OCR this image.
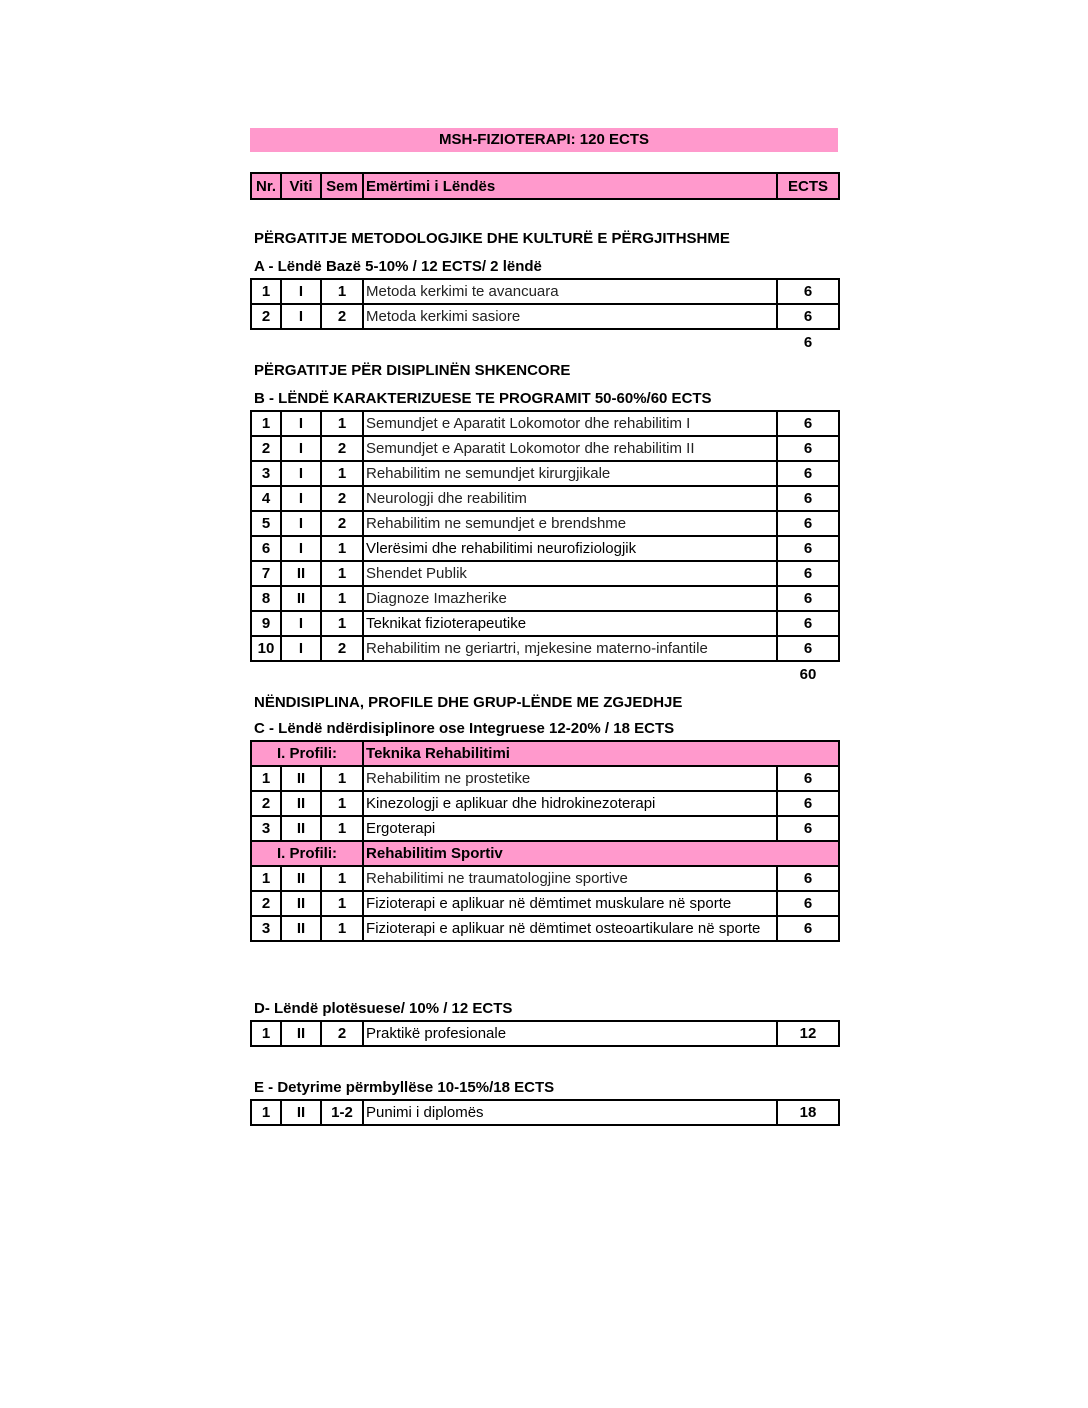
MSH-FIZIOTERAPI: 120 ECTS
Nr.	Viti	Sem	Emërtimi i Lëndës	ECTS
PËRGATITJE METODOLOGJIKE DHE KULTURË E PËRGJITHSHME
A - Lëndë Bazë 5-10% / 12 ECTS/ 2 lëndë
1	I	1	Metoda kerkimi te avancuara	6
2	I	2	Metoda kerkimi sasiore	6
6
PËRGATITJE PËR DISIPLINËN SHKENCORE
B - LËNDË KARAKTERIZUESE TE PROGRAMIT 50-60%/60 ECTS
1	I	1	Semundjet e Aparatit Lokomotor dhe rehabilitim I	6
2	I	2	Semundjet e Aparatit Lokomotor dhe rehabilitim II	6
3	I	1	Rehabilitim ne semundjet kirurgjikale	6
4	I	2	Neurologji dhe reabilitim	6
5	I	2	Rehabilitim ne semundjet e brendshme	6
6	I	1	Vlerësimi dhe rehabilitimi neurofiziologjik	6
7	II	1	Shendet Publik	6
8	II	1	Diagnoze Imazherike	6
9	I	1	Teknikat fizioterapeutike	6
10	I	2	Rehabilitim ne geriartri, mjekesine materno-infantile	6
60
NËNDISIPLINA, PROFILE DHE GRUP-LËNDE ME ZGJEDHJE
C - Lëndë ndërdisiplinore ose Integruese 12-20% / 18 ECTS
I. Profili:			Teknika Rehabilitimi	
1	II	1	Rehabilitim ne prostetike	6
2	II	1	Kinezologji e aplikuar dhe hidrokinezoterapi	6
3	II	1	Ergoterapi	6
I. Profili:			Rehabilitim Sportiv	
1	II	1	Rehabilitimi ne traumatologjine sportive	6
2	II	1	Fizioterapi e aplikuar në dëmtimet muskulare në sporte	6
3	II	1	Fizioterapi e aplikuar në dëmtimet osteoartikulare në sporte	6
D- Lëndë plotësuese/ 10% / 12 ECTS
1	II	2	Praktikë profesionale	12
E - Detyrime përmbyllëse 10-15%/18 ECTS
1	II	1-2	Punimi i diplomës	18
